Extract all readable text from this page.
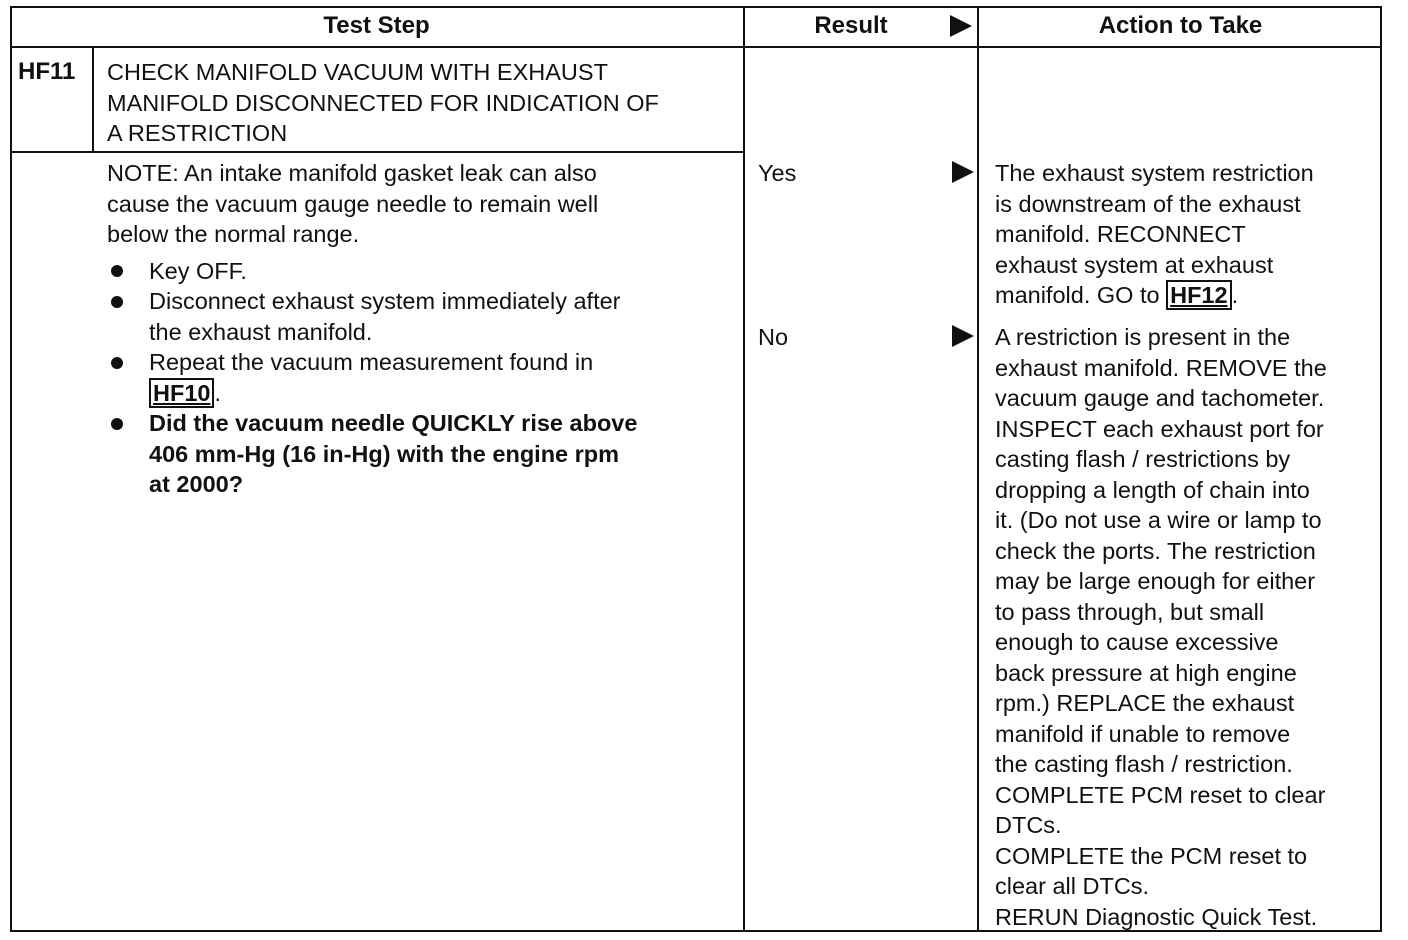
Test Step	Result	Action to Take
HF11 CHECK MANIFOLD VACUUM WITH EXHAUST
MANIFOLD DISCONNECTED FOR INDICATION OF
A RESTRICTION
NOTE: An intake manifold gasket leak can also
cause the vacuum gauge needle to remain well
below the normal range.
Key OFF.
Disconnect exhaust system immediately after
the exhaust manifold.
Repeat the vacuum measurement found in
HF10 .
Did the vacuum needle QUICKLY rise above
406 mm-Hg (16 in-Hg) with the engine rpm
at 2000?
Yes
No
The exhaust system restriction
is downstream of the exhaust
manifold. RECONNECT
exhaust system at exhaust
manifold. GO to HF12 .
A restriction is present in the
exhaust manifold. REMOVE the
vacuum gauge and tachometer.
INSPECT each exhaust port for
casting flash / restrictions by
dropping a length of chain into
it. (Do not use a wire or lamp to
check the ports. The restriction
may be large enough for either
to pass through, but small
enough to cause excessive
back pressure at high engine
rpm.) REPLACE the exhaust
manifold if unable to remove
the casting flash / restriction.
COMPLETE PCM reset to clear
DTCs.
COMPLETE the PCM reset to
clear all DTCs.
RERUN Diagnostic Quick Test.
